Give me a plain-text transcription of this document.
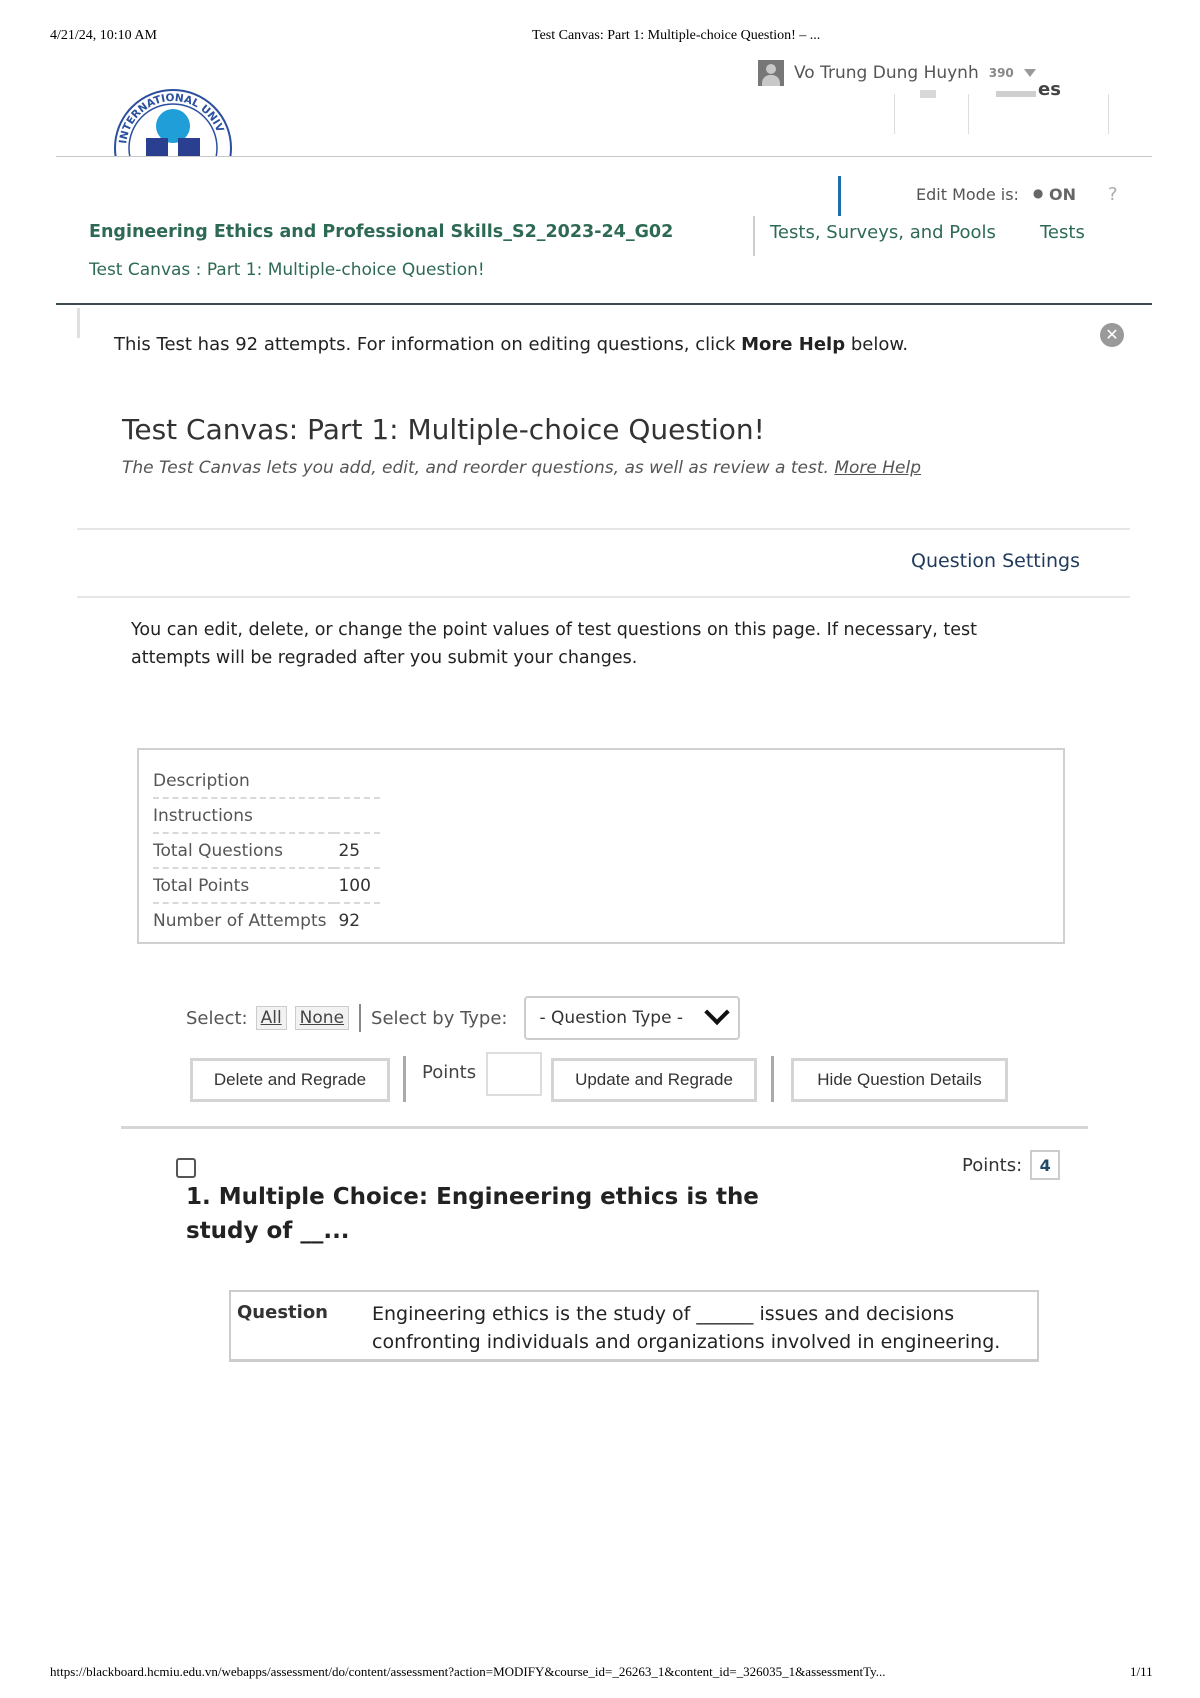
4/21/24, 10:10 AM	Test Canvas: Part 1: Multiple-choice Question! – ...
INTERNATIONAL UNIV
Vo Trung Dung Huynh 390
es
Edit Mode is: ● ON ?
Engineering Ethics and Professional Skills_S2_2023-24_G02
Test Canvas : Part 1: Multiple-choice Question!
Tests, Surveys, and Pools Tests
This Test has 92 attempts. For information on editing questions, click More Help below.	✕
Test Canvas: Part 1: Multiple-choice Question!
The Test Canvas lets you add, edit, and reorder questions, as well as review a test. More Help
Question Settings
You can edit, delete, or change the point values of test questions on this page. If necessary, test attempts will be regraded after you submit your changes.
Description	
Instructions	
Total Questions	25
Total Points	100
Number of Attempts	92
Select: All None Select by Type: - Question Type -
Delete and Regrade	Points	Update and Regrade	Hide Question Details
Points:	4
1. Multiple Choice: Engineering ethics is the study of __...
Question Engineering ethics is the study of ______ issues and decisions confronting individuals and organizations involved in engineering.
https://blackboard.hcmiu.edu.vn/webapps/assessment/do/content/assessment?action=MODIFY&course_id=_26263_1&content_id=_326035_1&assessmentTy...	1/11
